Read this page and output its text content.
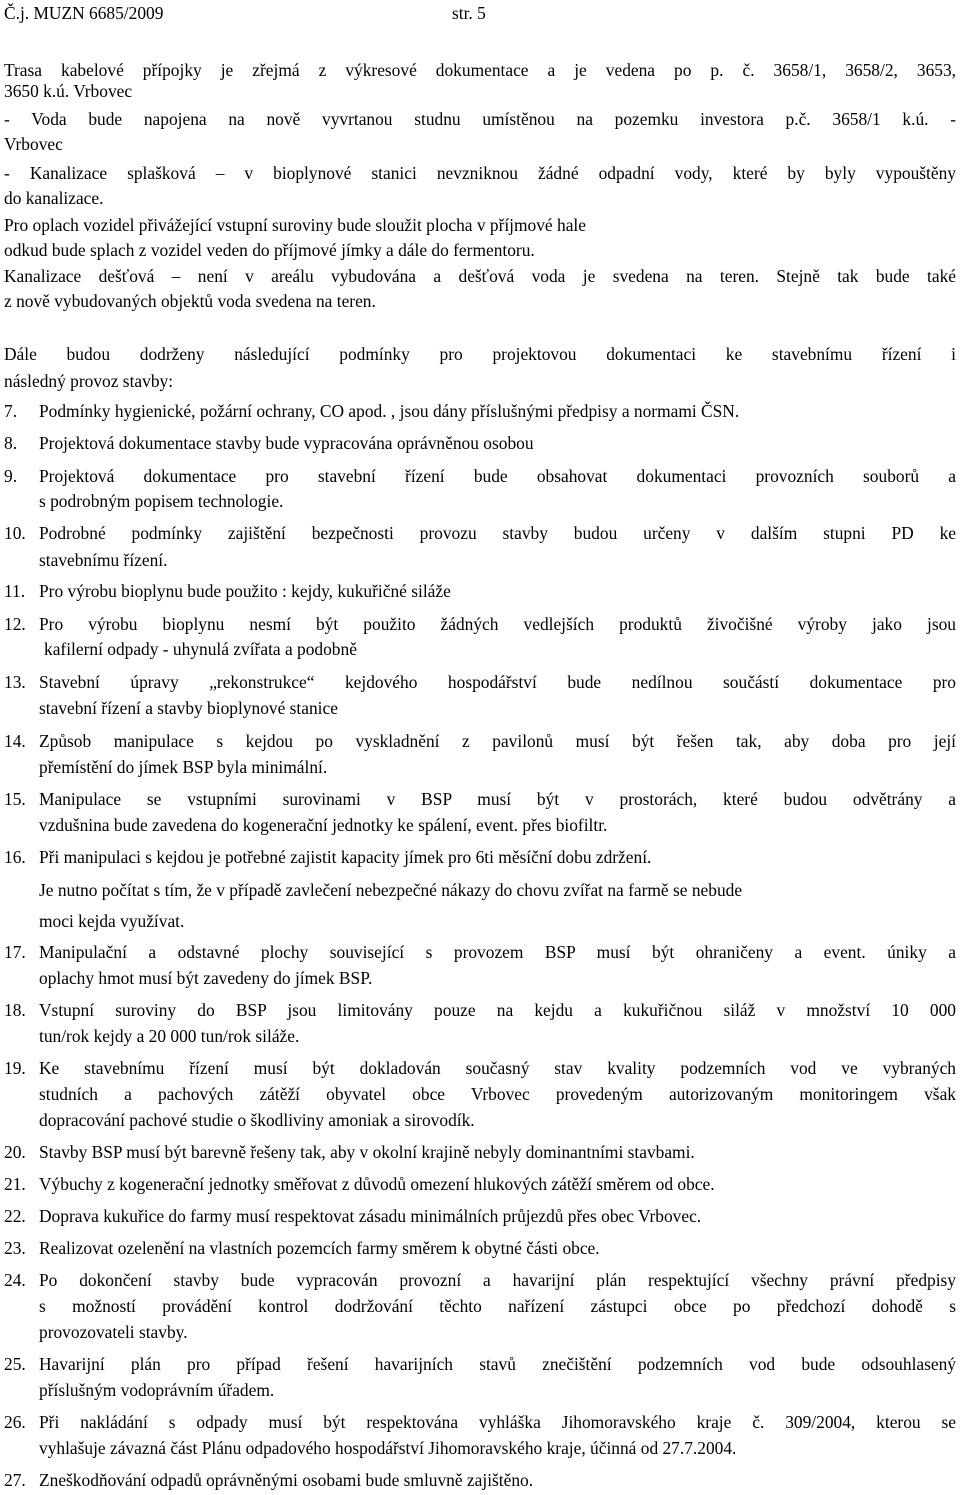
Č.j. MUZN 6685/2009	str. 5
Trasa kabelové přípojky je zřejmá z výkresové dokumentace a je vedena po p. č. 3658/1, 3658/2, 3653,
3650 k.ú. Vrbovec
- Voda bude napojena na nově vyvrtanou studnu umístěnou na pozemku investora p.č. 3658/1 k.ú. -
Vrbovec
- Kanalizace splašková – v bioplynové stanici nevzniknou žádné odpadní vody, které by byly vypouštěny
do kanalizace.
Pro oplach vozidel přivážející vstupní suroviny bude sloužit plocha v příjmové hale
odkud bude splach z vozidel veden do příjmové jímky a dále do fermentoru.
Kanalizace dešťová – není v areálu vybudována a dešťová voda je svedena na teren. Stejně tak bude také
z nově vybudovaných objektů voda svedena na teren.
Dále budou dodrženy následující podmínky pro projektovou dokumentaci ke stavebnímu řízení i
následný provoz stavby:
7.	Podmínky hygienické, požární ochrany, CO apod. , jsou dány příslušnými předpisy a normami ČSN.
8.	Projektová dokumentace stavby bude vypracována oprávněnou osobou
9.	Projektová dokumentace pro stavební řízení bude obsahovat dokumentaci provozních souborů a
s podrobným popisem technologie.
10. Podrobné podmínky zajištění bezpečnosti provozu stavby budou určeny v dalším stupni PD ke
stavebnímu řízení.
11. Pro výrobu bioplynu bude použito : kejdy, kukuřičné siláže
12. Pro výrobu bioplynu nesmí být použito žádných vedlejších produktů živočišné výroby jako jsou
kafilerní odpady - uhynulá zvířata a podobně
13. Stavební úpravy „rekonstrukce“ kejdového hospodářství bude nedílnou součástí dokumentace pro
stavební řízení a stavby bioplynové stanice
14. Způsob manipulace s kejdou po vyskladnění z pavilonů musí být řešen tak, aby doba pro její
přemístění do jímek BSP byla minimální.
15. Manipulace se vstupními surovinami v BSP musí být v prostorách, které budou odvětrány a
vzdušnina bude zavedena do kogenerační jednotky ke spálení, event. přes biofiltr.
16. Při manipulaci s kejdou je potřebné zajistit kapacity jímek pro 6ti měsíční dobu zdržení.
Je nutno počítat s tím, že v případě zavlečení nebezpečné nákazy do chovu zvířat na farmě se nebude
moci kejda využívat.
17. Manipulační a odstavné plochy související s provozem BSP musí být ohraničeny a event. úniky a
oplachy hmot musí být zavedeny do jímek BSP.
18. Vstupní suroviny do BSP jsou limitovány pouze na kejdu a kukuřičnou siláž v množství 10 000
tun/rok kejdy a 20 000 tun/rok siláže.
19. Ke stavebnímu řízení musí být dokladován současný stav kvality podzemních vod ve vybraných
studních a pachových zátěží obyvatel obce Vrbovec provedeným autorizovaným monitoringem však
dopracování pachové studie o škodliviny amoniak a sirovodík.
20. Stavby BSP musí být barevně řešeny tak, aby v okolní krajině nebyly dominantními stavbami.
21. Výbuchy z kogenerační jednotky směřovat z důvodů omezení hlukových zátěží směrem od obce.
22. Doprava kukuřice do farmy musí respektovat zásadu minimálních průjezdů přes obec Vrbovec.
23. Realizovat ozelenění na vlastních pozemcích farmy směrem k obytné části obce.
24. Po dokončení stavby bude vypracován provozní a havarijní plán respektující všechny právní předpisy
s možností provádění kontrol dodržování těchto nařízení zástupci obce po předchozí dohodě s
provozovateli stavby.
25. Havarijní plán pro případ řešení havarijních stavů znečištění podzemních vod bude odsouhlasený
příslušným vodoprávním úřadem.
26. Při nakládání s odpady musí být respektována vyhláška Jihomoravského kraje č. 309/2004, kterou se
vyhlašuje závazná část Plánu odpadového hospodářství Jihomoravského kraje, účinná od 27.7.2004.
27. Zneškodňování odpadů oprávněnými osobami bude smluvně zajištěno.
